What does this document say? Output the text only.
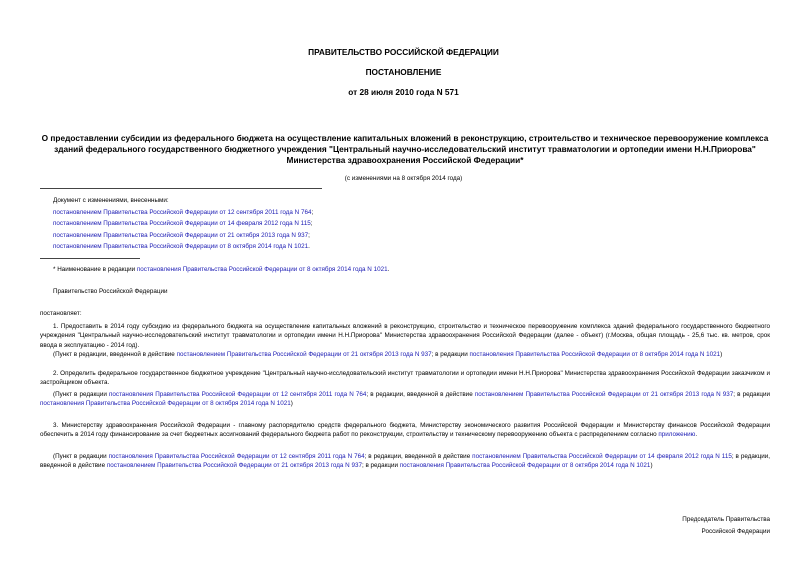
ПРАВИТЕЛЬСТВО РОССИЙСКОЙ ФЕДЕРАЦИИ
ПОСТАНОВЛЕНИЕ
от 28 июля 2010 года N 571
О предоставлении субсидии из федерального бюджета на осуществление капитальных вложений в реконструкцию, строительство и техническое перевооружение комплекса зданий федерального государственного бюджетного учреждения "Центральный научно-исследовательский институт травматологии и ортопедии имени Н.Н.Приорова" Министерства здравоохранения Российской Федерации*
(с изменениями на 8 октября 2014 года)
Документ с изменениями, внесенными:
постановлением Правительства Российской Федерации от 12 сентября 2011 года N 764;
постановлением Правительства Российской Федерации от 14 февраля 2012 года N 115;
постановлением Правительства Российской Федерации от 21 октября 2013 года N 937;
постановлением Правительства Российской Федерации от 8 октября 2014 года N 1021.
* Наименование в редакции постановления Правительства Российской Федерации от 8 октября 2014 года N 1021.
Правительство Российской Федерации
постановляет:
1. Предоставить в 2014 году субсидию из федерального бюджета на осуществление капитальных вложений в реконструкцию, строительство и техническое перевооружение комплекса зданий федерального государственного бюджетного учреждения "Центральный научно-исследовательский институт травматологии и ортопедии имени Н.Н.Приорова" Министерства здравоохранения Российской Федерации (далее - объект) (г.Москва, общая площадь - 25,6 тыс. кв. метров, срок ввода в эксплуатацию - 2014 год).
(Пункт в редакции, введенной в действие постановлением Правительства Российской Федерации от 21 октября 2013 года N 937; в редакции постановления Правительства Российской Федерации от 8 октября 2014 года N 1021)
2. Определить федеральное государственное бюджетное учреждение "Центральный научно-исследовательский институт травматологии и ортопедии имени Н.Н.Приорова" Министерства здравоохранения Российской Федерации заказчиком и застройщиком объекта.
(Пункт в редакции постановления Правительства Российской Федерации от 12 сентября 2011 года N 764; в редакции, введенной в действие постановлением Правительства Российской Федерации от 21 октября 2013 года N 937; в редакции постановления Правительства Российской Федерации от 8 октября 2014 года N 1021)
3. Министерству здравоохранения Российской Федерации - главному распорядителю средств федерального бюджета, Министерству экономического развития Российской Федерации и Министерству финансов Российской Федерации обеспечить в 2014 году финансирование за счет бюджетных ассигнований федерального бюджета работ по реконструкции, строительству и техническому перевооружению объекта с распределением согласно приложению.
(Пункт в редакции постановления Правительства Российской Федерации от 12 сентября 2011 года N 764; в редакции, введенной в действие постановлением Правительства Российской Федерации от 14 февраля 2012 года N 115; в редакции, введенной в действие постановлением Правительства Российской Федерации от 21 октября 2013 года N 937; в редакции постановления Правительства Российской Федерации от 8 октября 2014 года N 1021)
Председатель Правительства
Российской Федерации
